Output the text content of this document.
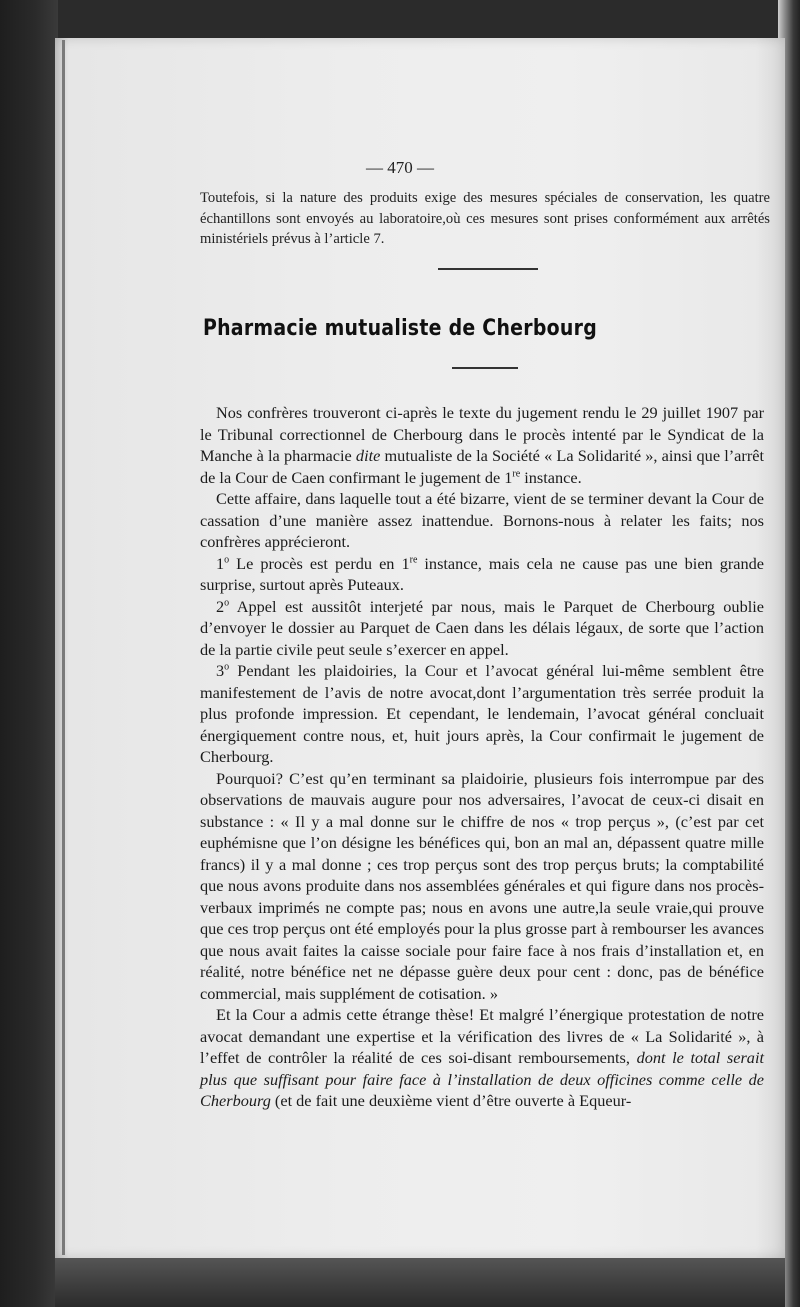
— 470 —

Toutefois, si la nature des produits exige des mesures spéciales de conservation, les quatre échantillons sont envoyés au laboratoire,où ces mesures sont prises conformément aux arrêtés ministériels prévus à l’article 7.

Pharmacie mutualiste de Cherbourg

Nos confrères trouveront ci-après le texte du jugement rendu le 29 juillet 1907 par le Tribunal correctionnel de Cherbourg dans le procès intenté par le Syndicat de la Manche à la pharmacie dite mutualiste de la Société « La Solidarité », ainsi que l’arrêt de la Cour de Caen confirmant le jugement de 1re instance.

Cette affaire, dans laquelle tout a été bizarre, vient de se terminer devant la Cour de cassation d’une manière assez inattendue. Bornons-nous à relater les faits; nos confrères apprécieront.

1$^o$ Le procès est perdu en 1re instance, mais cela ne cause pas une bien grande surprise, surtout après Puteaux.

2$^o$ Appel est aussitôt interjeté par nous, mais le Parquet de Cherbourg oublie d’envoyer le dossier au Parquet de Caen dans les délais légaux, de sorte que l’action de la partie civile peut seule s’exercer en appel.

3$^o$ Pendant les plaidoiries, la Cour et l’avocat général lui-même semblent être manifestement de l’avis de notre avocat,dont l’argumentation très serrée produit la plus profonde impression. Et cependant, le lendemain, l’avocat général concluait énergiquement contre nous, et, huit jours après, la Cour confirmait le jugement de Cherbourg.

Pourquoi? C’est qu’en terminant sa plaidoirie, plusieurs fois interrompue par des observations de mauvais augure pour nos adversaires, l’avocat de ceux-ci disait en substance : « Il y a mal donne sur le chiffre de nos « trop perçus », (c’est par cet euphémisne que l’on désigne les bénéfices qui, bon an mal an, dépassent quatre mille francs) il y a mal donne ; ces trop perçus sont des trop perçus bruts; la comptabilité que nous avons produite dans nos assemblées générales et qui figure dans nos procès-verbaux imprimés ne compte pas; nous en avons une autre,la seule vraie,qui prouve que ces trop perçus ont été employés pour la plus grosse part à rembourser les avances que nous avait faites la caisse sociale pour faire face à nos frais d’installation et, en réalité, notre bénéfice net ne dépasse guère deux pour cent : donc, pas de bénéfice commercial, mais supplément de cotisation. »

Et la Cour a admis cette étrange thèse! Et malgré l’énergique protestation de notre avocat demandant une expertise et la vérification des livres de « La Solidarité », à l’effet de contrôler la réalité de ces soi-disant remboursements, dont le total serait plus que suffisant pour faire face à l’installation de deux officines comme celle de Cherbourg (et de fait une deuxième vient d’être ouverte à Equeur-
